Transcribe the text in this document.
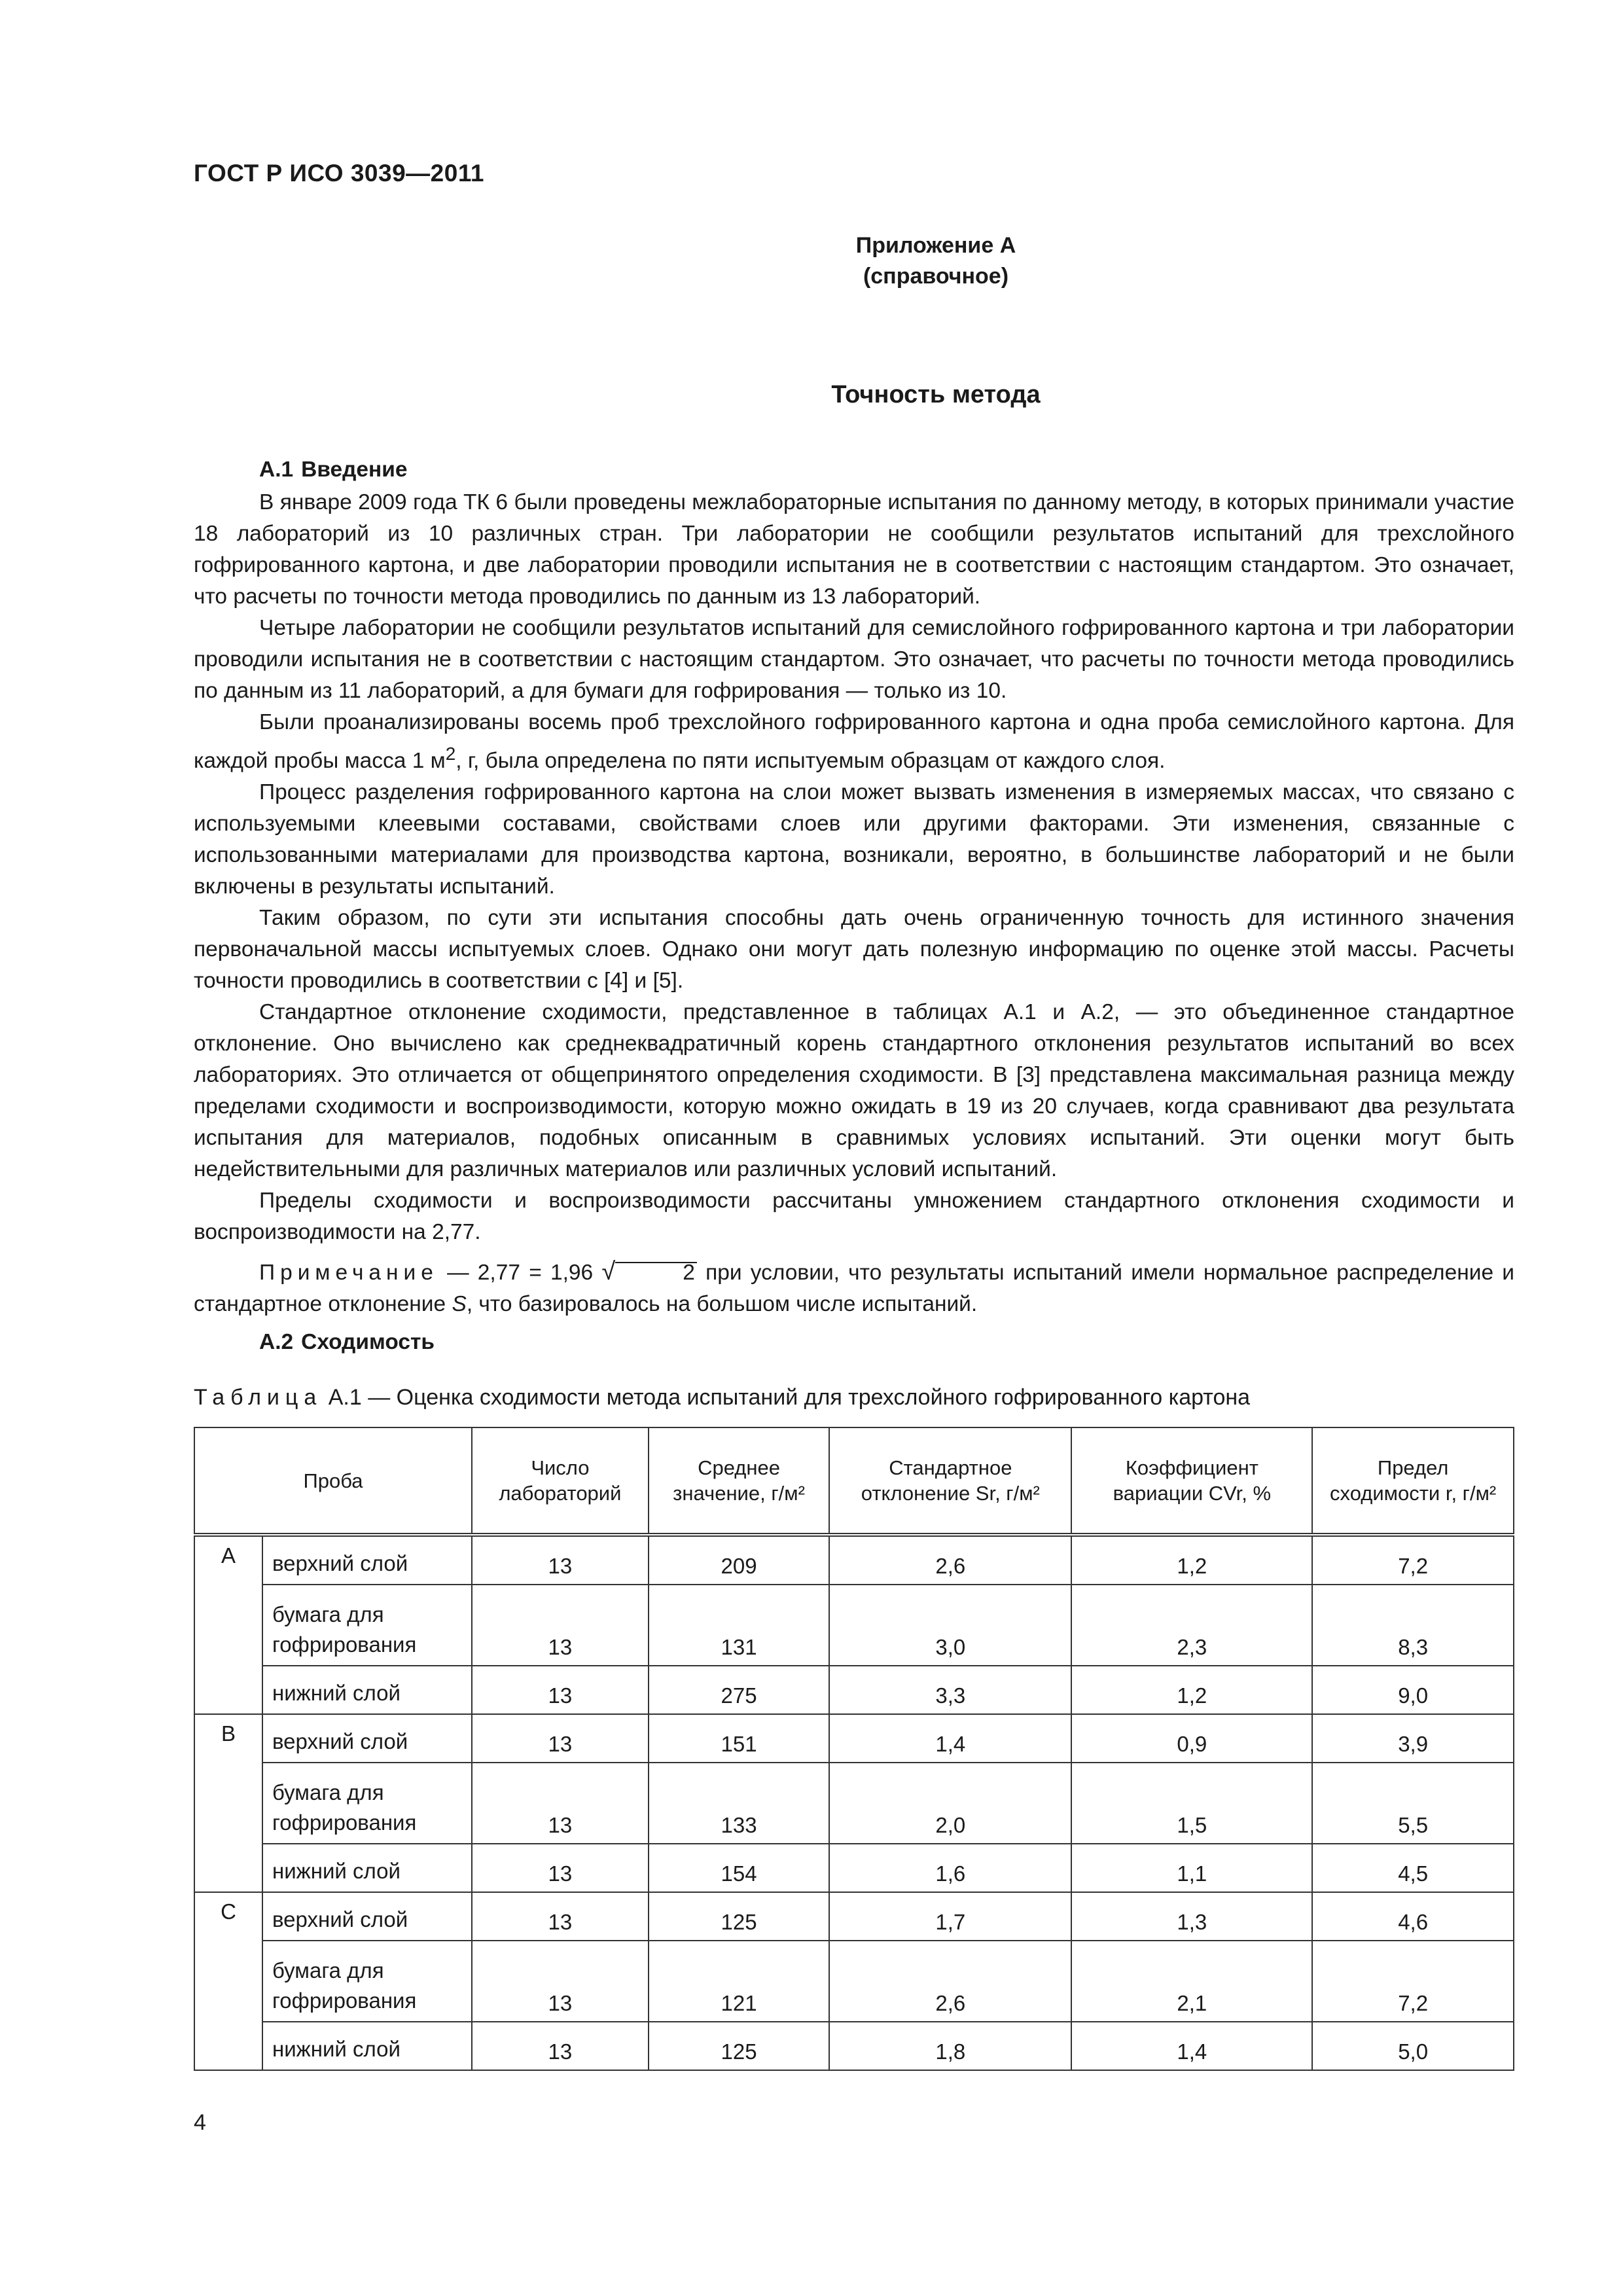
ГОСТ Р ИСО 3039—2011
Приложение А
(справочное)
Точность метода
А.1 Введение

В январе 2009 года ТК 6 были проведены межлабораторные испытания по данному методу, в которых принимали участие 18 лабораторий из 10 различных стран. Три лаборатории не сообщили результатов испытаний для трехслойного гофрированного картона, и две лаборатории проводили испытания не в соответствии с настоящим стандартом. Это означает, что расчеты по точности метода проводились по данным из 13 лабораторий.

Четыре лаборатории не сообщили результатов испытаний для семислойного гофрированного картона и три лаборатории проводили испытания не в соответствии с настоящим стандартом. Это означает, что расчеты по точности метода проводились по данным из 11 лабораторий, а для бумаги для гофрирования — только из 10.

Были проанализированы восемь проб трехслойного гофрированного картона и одна проба семислойного картона. Для каждой пробы масса 1 $м^2$, г, была определена по пяти испытуемым образцам от каждого слоя.

Процесс разделения гофрированного картона на слои может вызвать изменения в измеряемых массах, что связано с используемыми клеевыми составами, свойствами слоев или другими факторами. Эти изменения, связанные с использованными материалами для производства картона, возникали, вероятно, в большинстве лабораторий и не были включены в результаты испытаний.

Таким образом, по сути эти испытания способны дать очень ограниченную точность для истинного значения первоначальной массы испытуемых слоев. Однако они могут дать полезную информацию по оценке этой массы. Расчеты точности проводились в соответствии с [4] и [5].

Стандартное отклонение сходимости, представленное в таблицах А.1 и А.2, — это объединенное стандартное отклонение. Оно вычислено как среднеквадратичный корень стандартного отклонения результатов испытаний во всех лабораториях. Это отличается от общепринятого определения сходимости. В [3] представлена максимальная разница между пределами сходимости и воспроизводимости, которую можно ожидать в 19 из 20 случаев, когда сравнивают два результата испытания для материалов, подобных описанным в сравнимых условиях испытаний. Эти оценки могут быть недействительными для различных материалов или различных условий испытаний.

Пределы сходимости и воспроизводимости рассчитаны умножением стандартного отклонения сходимости и воспроизводимости на 2,77.

Примечание — 2,77 = 1,96 √	2 при условии, что результаты испытаний имели нормальное распределение и стандартное отклонение S, что базировалось на большом числе испытаний.

А.2 Сходимость
Таблица А.1 — Оценка сходимости метода испытаний для трехслойного гофрированного картона
Проба		Число лабораторий	Среднее значение, г/м²	Стандартное отклонение Sr, г/м²	Коэффициент вариации CVr, %	Предел сходимости r, г/м²
A	верхний слой	13	209	2,6	1,2	7,2
	бумага для гофрирования	13	131	3,0	2,3	8,3
	нижний слой	13	275	3,3	1,2	9,0
B	верхний слой	13	151	1,4	0,9	3,9
	бумага для гофрирования	13	133	2,0	1,5	5,5
	нижний слой	13	154	1,6	1,1	4,5
C	верхний слой	13	125	1,7	1,3	4,6
	бумага для гофрирования	13	121	2,6	2,1	7,2
	нижний слой	13	125	1,8	1,4	5,0
4
